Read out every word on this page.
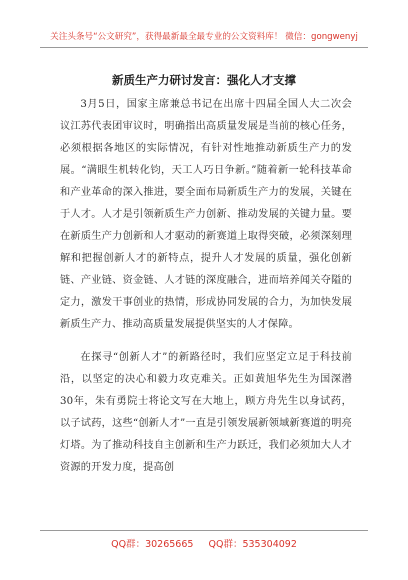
关注头条号“公文研究”，获得最新最全最专业的公文资料库！ 微信：gongwenyj
新质生产力研讨发言：强化人才支撑

3月5日，国家主席兼总书记在出席十四届全国人大二次会议江苏代表团审议时，明确指出高质量发展是当前的核心任务，必须根据各地区的实际情况，有针对性地推动新质生产力的发展。“满眼生机转化钧，天工人巧日争新。”随着新一轮科技革命和产业革命的深入推进，要全面布局新质生产力的发展，关键在于人才。人才是引领新质生产力创新、推动发展的关键力量。要在新质生产力创新和人才驱动的新赛道上取得突破，必须深刻理解和把握创新人才的新特点，提升人才发展的质量，强化创新链、产业链、资金链、人才链的深度融合，进而培养闻关夺隘的定力，激发干事创业的热情，形成协同发展的合力，为加快发展新质生产力、推动高质量发展提供坚实的人才保障。

在探寻“创新人才”的新路径时，我们应坚定立足于科技前沿，以坚定的决心和毅力攻克难关。正如黄旭华先生为国深潜30年，朱有勇院士将论文写在大地上，顾方舟先生以身试药，以子试药，这些“创新人才”一直是引领发展新领域新赛道的明亮灯塔。为了推动科技自主创新和生产力跃迁，我们必须加大人才资源的开发力度，提高创

QQ群：30265665     QQ群：535304092
